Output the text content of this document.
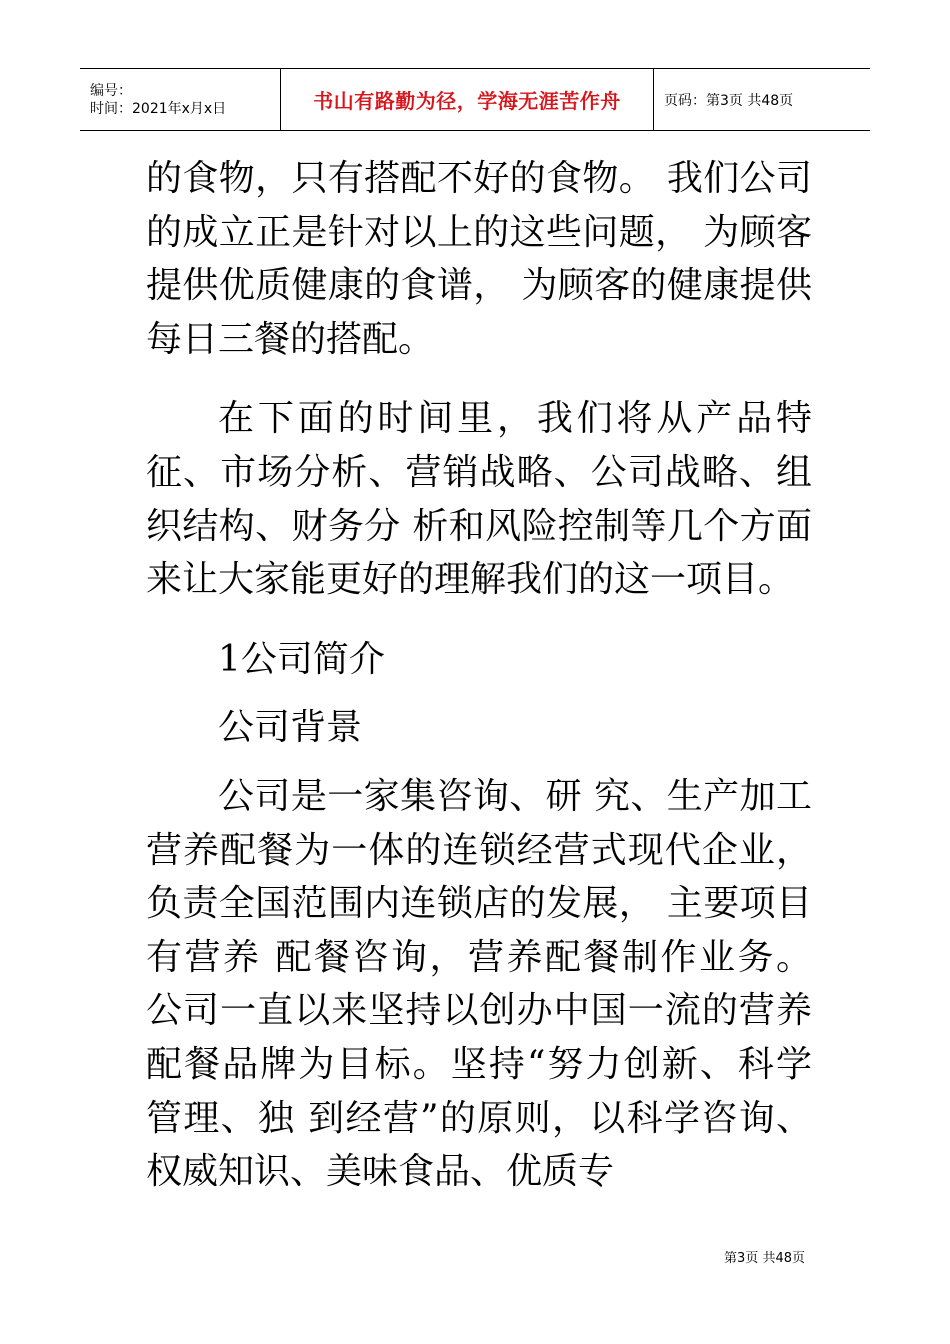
编号：
时间：2021年x月x日	书山有路勤为径，学海无涯苦作舟	页码：第3页 共48页

的食物，只有搭配不好的食物。 我们公司的成立正是针对以上的这些问题， 为顾客提供优质健康的食谱， 为顾客的健康提供 每日三餐的搭配。

在下面的时间里，我们将从产品特征、市场分析、营销战略、公司战略、组织结构、财务分 析和风险控制等几个方面来让大家能更好的理解我们的这一项目。

1公司简介

公司背景

公司是一家集咨询、研 究、生产加工营养配餐为一体的连锁经营式现代企业，负责全国范围内连锁店的发展， 主要项目有营养 配餐咨询，营养配餐制作业务。 公司一直以来坚持以创办中国一流的营养配餐品牌为目标。坚持“努力创新、科学管理、独 到经营”的原则，以科学咨询、权威知识、美味食品、优质专

第3页 共48页
